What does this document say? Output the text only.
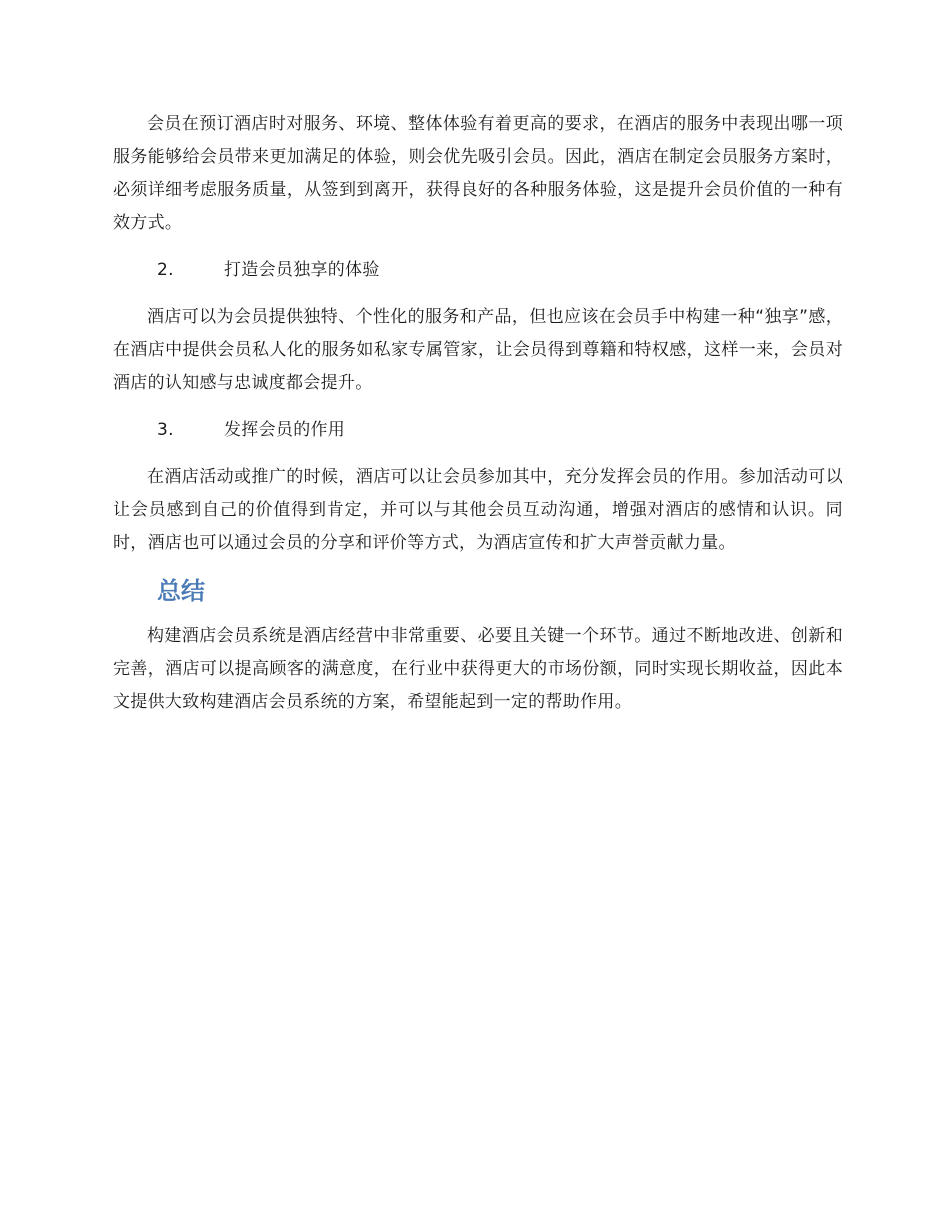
会员在预订酒店时对服务、环境、整体体验有着更高的要求，在酒店的服务中表现出哪一项服务能够给会员带来更加满足的体验，则会优先吸引会员。因此，酒店在制定会员服务方案时，必须详细考虑服务质量，从签到到离开，获得良好的各种服务体验，这是提升会员价值的一种有效方式。

2.	打造会员独享的体验

酒店可以为会员提供独特、个性化的服务和产品，但也应该在会员手中构建一种“独享”感，在酒店中提供会员私人化的服务如私家专属管家，让会员得到尊籍和特权感，这样一来，会员对酒店的认知感与忠诚度都会提升。

3.	发挥会员的作用

在酒店活动或推广的时候，酒店可以让会员参加其中，充分发挥会员的作用。参加活动可以让会员感到自己的价值得到肯定，并可以与其他会员互动沟通，增强对酒店的感情和认识。同时，酒店也可以通过会员的分享和评价等方式，为酒店宣传和扩大声誉贡献力量。

总结

构建酒店会员系统是酒店经营中非常重要、必要且关键一个环节。通过不断地改进、创新和完善，酒店可以提高顾客的满意度，在行业中获得更大的市场份额，同时实现长期收益，因此本文提供大致构建酒店会员系统的方案，希望能起到一定的帮助作用。
